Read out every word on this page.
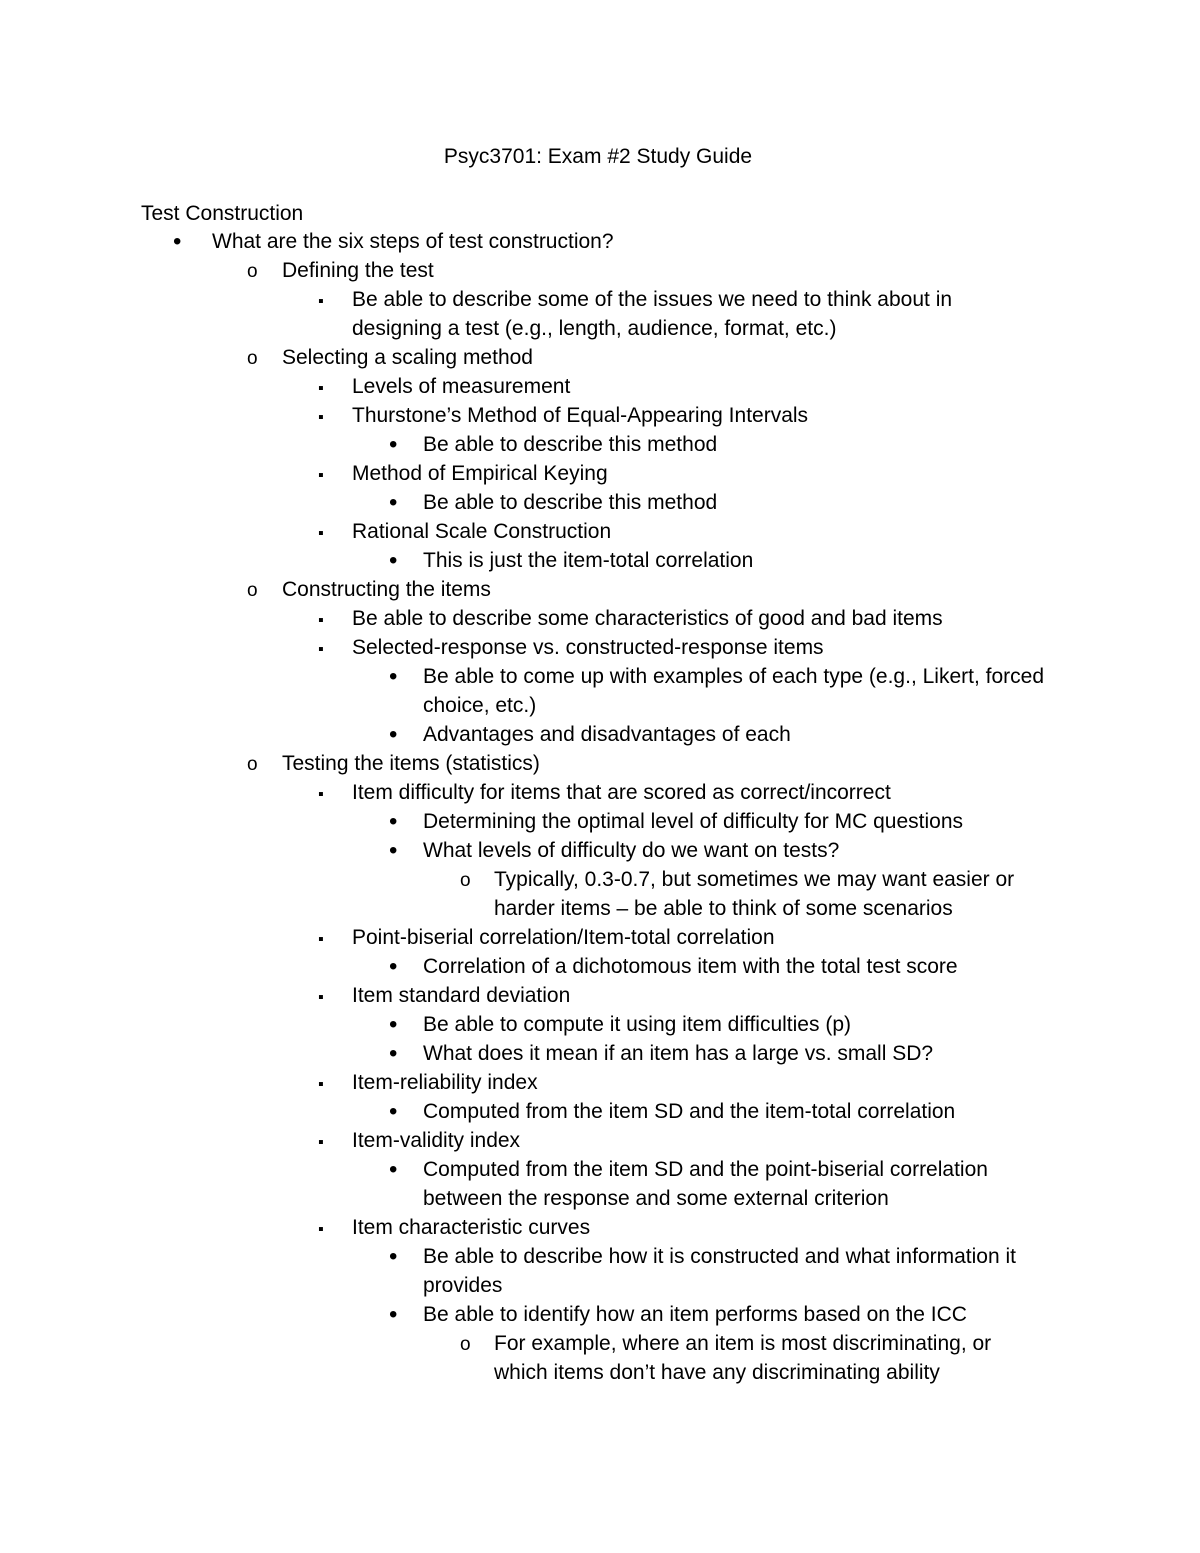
Psyc3701: Exam #2 Study Guide
Test Construction
•
What are the six steps of test construction?
o
Defining the test
▪
Be able to describe some of the issues we need to think about in
designing a test (e.g., length, audience, format, etc.)
o
Selecting a scaling method
▪
Levels of measurement
▪
Thurstone’s Method of Equal-Appearing Intervals
•
Be able to describe this method
▪
Method of Empirical Keying
•
Be able to describe this method
▪
Rational Scale Construction
•
This is just the item-total correlation
o
Constructing the items
▪
Be able to describe some characteristics of good and bad items
▪
Selected-response vs. constructed-response items
•
Be able to come up with examples of each type (e.g., Likert, forced
choice, etc.)
•
Advantages and disadvantages of each
o
Testing the items (statistics)
▪
Item difficulty for items that are scored as correct/incorrect
•
Determining the optimal level of difficulty for MC questions
•
What levels of difficulty do we want on tests?
o
Typically, 0.3-0.7, but sometimes we may want easier or
harder items – be able to think of some scenarios
▪
Point-biserial correlation/Item-total correlation
•
Correlation of a dichotomous item with the total test score
▪
Item standard deviation
•
Be able to compute it using item difficulties (p)
•
What does it mean if an item has a large vs. small SD?
▪
Item-reliability index
•
Computed from the item SD and the item-total correlation
▪
Item-validity index
•
Computed from the item SD and the point-biserial correlation
between the response and some external criterion
▪
Item characteristic curves
•
Be able to describe how it is constructed and what information it
provides
•
Be able to identify how an item performs based on the ICC
o
For example, where an item is most discriminating, or
which items don’t have any discriminating ability
